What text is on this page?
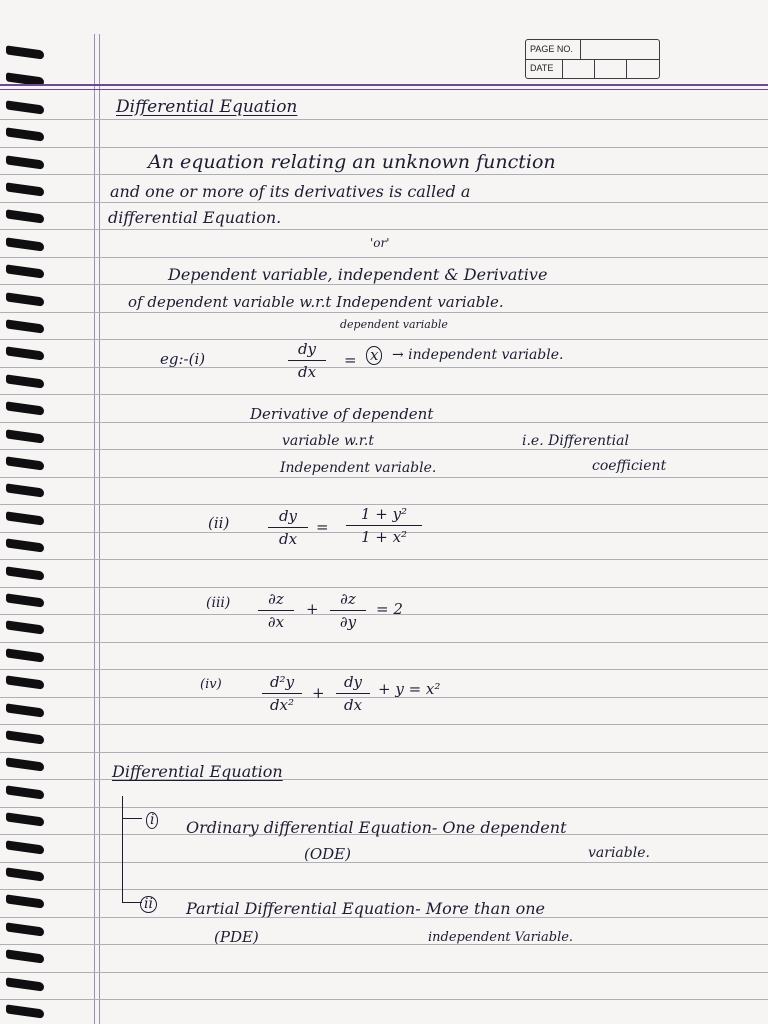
PAGE NO.
DATE
Differential Equation
An equation relating an unknown function
and one or more of its derivatives is called a
differential Equation.
'or'
Dependent variable, independent & Derivative
of dependent variable w.r.t Independent variable.
eg:-(i)
dependent variable
dy
dx
= x → independent variable.
Derivative of dependent
variable w.r.t
Independent variable.
i.e. Differential
coefficient
(ii)	dy
dx
=
1 + y²
1 + x²
(iii)	∂z
∂x
+
∂z
∂y
= 2
(iv)	d²y
dx²
+
dy
dx
+ y = x²
Differential Equation
i Ordinary differential Equation- One dependent
(ODE)	variable.
ii Partial Differential Equation- More than one
(PDE)	independent Variable.
